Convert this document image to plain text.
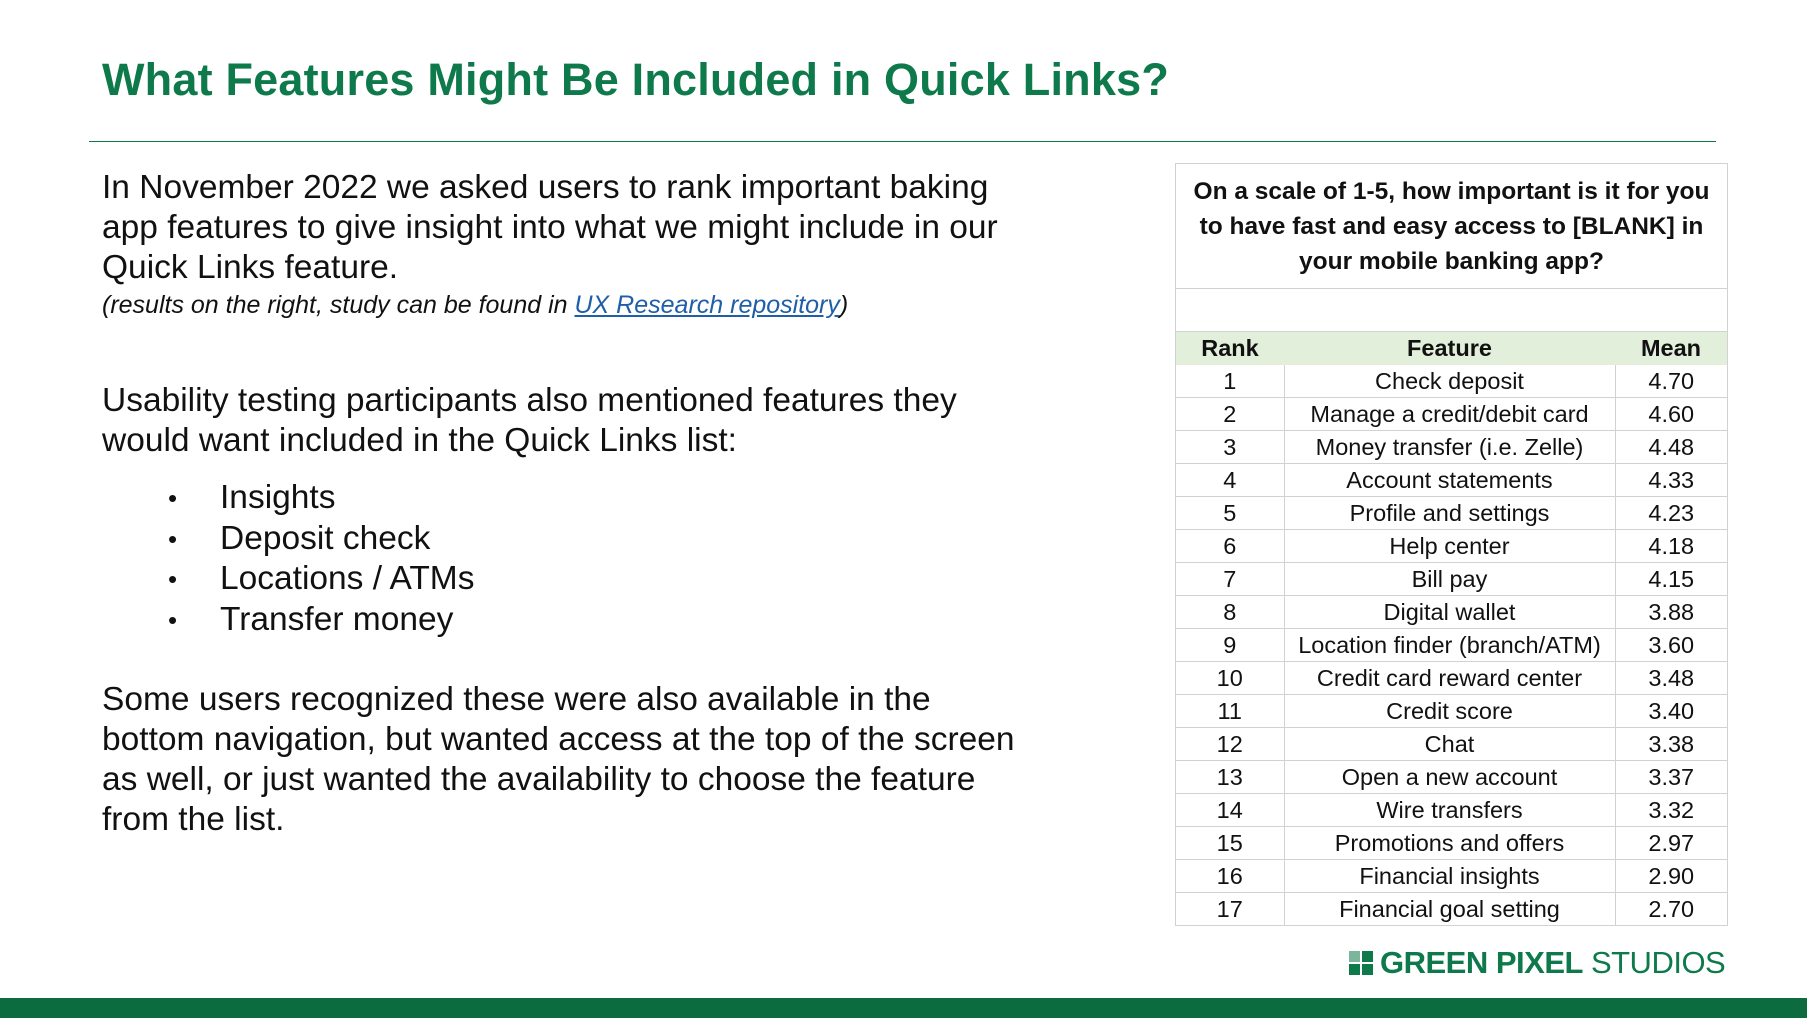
What Features Might Be Included in Quick Links?

In November 2022 we asked users to rank important baking app features to give insight into what we might include in our Quick Links feature.

(results on the right, study can be found in UX Research repository)

Usability testing participants also mentioned features they would want included in the Quick Links list:

•
Insights
•
Deposit check
•
Locations / ATMs
•
Transfer money

Some users recognized these were also available in the bottom navigation, but wanted access at the top of the screen as well, or just wanted the availability to choose the feature from the list.

On a scale of 1-5, how important is it for you to have fast and easy access to [BLANK] in your mobile banking app?
Rank	Feature	Mean
1	Check deposit	4.70
2	Manage a credit/debit card	4.60
3	Money transfer (i.e. Zelle)	4.48
4	Account statements	4.33
5	Profile and settings	4.23
6	Help center	4.18
7	Bill pay	4.15
8	Digital wallet	3.88
9	Location finder (branch/ATM)	3.60
10	Credit card reward center	3.48
11	Credit score	3.40
12	Chat	3.38
13	Open a new account	3.37
14	Wire transfers	3.32
15	Promotions and offers	2.97
16	Financial insights	2.90
17	Financial goal setting	2.70
GREEN PIXEL STUDIOS
